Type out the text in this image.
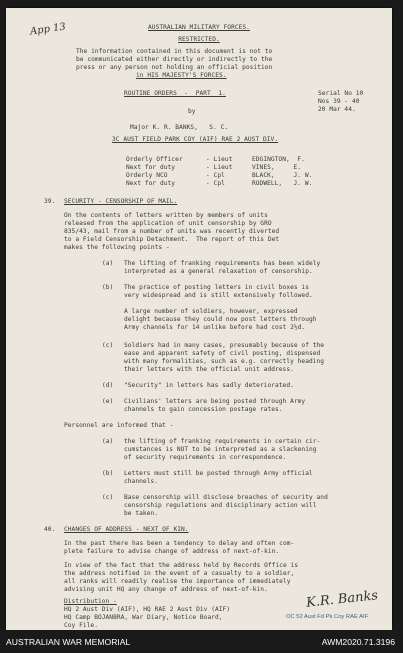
App 13	AUSTRALIAN MILITARY FORCES.
RESTRICTED.
The information contained in this document is not to
be communicated either directly or indirectly to the
press or any person not holding an official position
in HIS MAJESTY'S FORCES.
ROUTINE ORDERS  -  PART  1.	Serial No 10
Nos 39 - 40
20 Mar 44.
by
Major K. R. BANKS,   S. C.
3C AUST FIELD PARK COY (AIF) RAE 2 AUST DIV.
Orderly Officer	- Lieut	EDGINGTON,  F.
Next for duty	- Lieut	VINES,     E.
Orderly NCO	- Cpl	BLACK,     J. W.
Next for duty	- Cpl	RODWELL,   J. W.
39. SECURITY - CENSORSHIP OF MAIL.
On the contents of letters written by members of units
released from the application of unit censorship by GRO
835/43, mail from a number of units was recently diverted
to a Field Censorship Detachment.  The report of this Det
makes the following points -
(a) The lifting of franking requirements has been widely
interpreted as a general relaxation of censorship.
(b) The practice of posting letters in civil boxes is
very widespread and is still extensively followed.
A large number of soldiers, however, expressed
delight because they could now post letters through
Army channels for 14 unlike before had cost 2½d.
(c) Soldiers had in many cases, presumably because of the
ease and apparent safety of civil posting, dispensed
with many formalities, such as e.g. correctly heading
their letters with the official unit address.
(d) "Security" in letters has sadly deteriorated.
(e) Civilians' letters are being posted through Army
channels to gain concession postage rates.
Personnel are informed that -
(a) the lifting of franking requirements in certain cir-
cumstances is NOT to be interpreted as a slackening
of security requirements in correspondence.
(b) Letters must still be posted through Army official
channels.
(c) Base censorship will disclose breaches of security and
censorship regulations and disciplinary action will
be taken.
40. CHANGES OF ADDRESS - NEXT OF KIN.
In the past there has been a tendency to delay and often com-
plete failure to advise change of address of next-of-kin.
In view of the fact that the address held by Records Office is
the address notified in the event of a casualty to a soldier,
all ranks will readily realise the importance of immediately
advising unit HQ any change of address of next-of-kin.
Distribution -
HQ 2 Aust Div (AIF), HQ RAE 2 Aust Div (AIF)
HQ Camp BOJANBRA, War Diary, Notice Board,
Coy File.
K.R. Banks
OC 52 Aust Fd Pk Coy RAE AIF
AUSTRALIAN WAR MEMORIAL	AWM2020.71.3196
